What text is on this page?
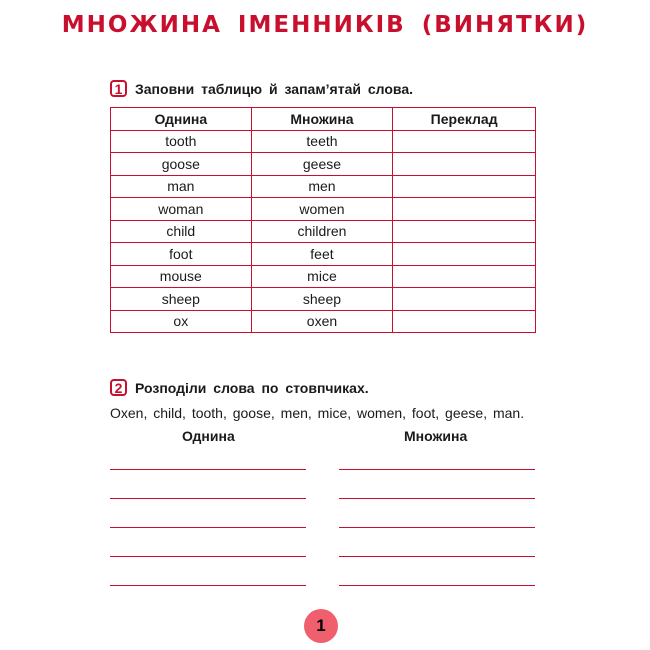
МНОЖИНА ІМЕННИКІВ (ВИНЯТКИ)
1 Заповни таблицю й запам’ятай слова.
Однина	Множина	Переклад
tooth	teeth	
goose	geese	
man	men	
woman	women	
child	children	
foot	feet	
mouse	mice	
sheep	sheep	
ox	oxen	
2 Розподіли слова по стовпчиках.
Oxen, child, tooth, goose, men, mice, women, foot, geese, man.
Однина	Множина
1
